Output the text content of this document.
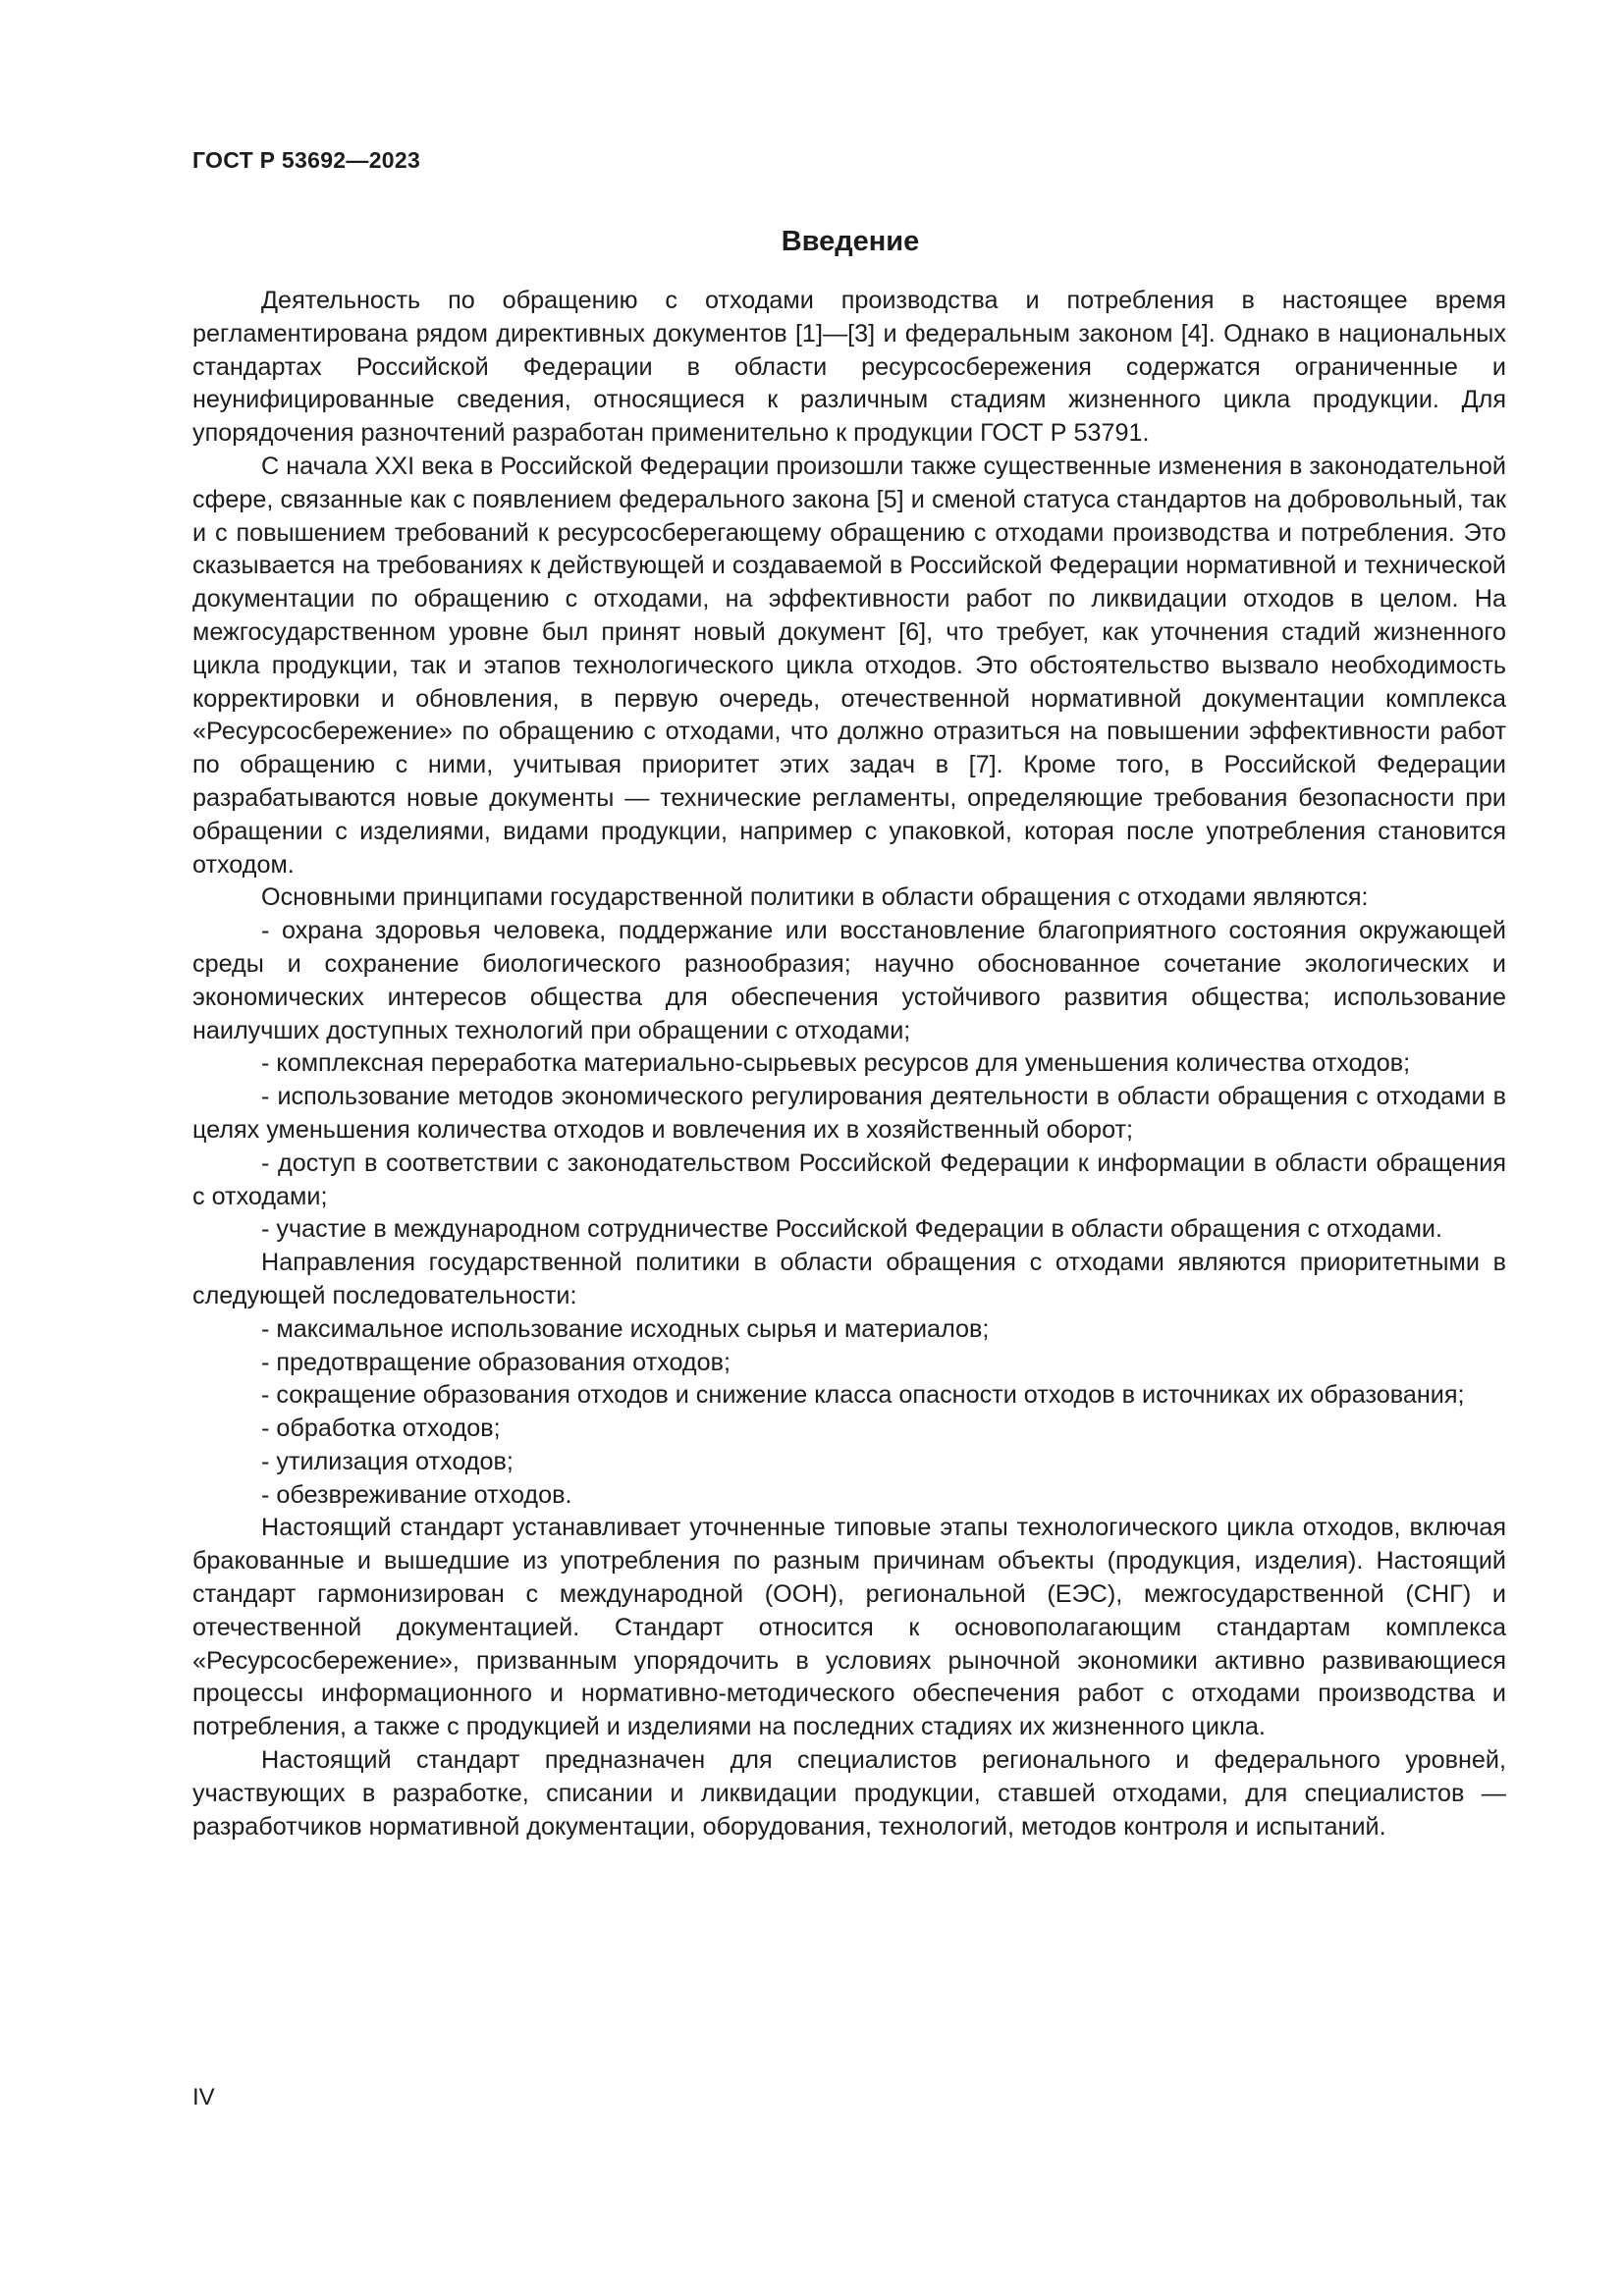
ГОСТ Р 53692—2023

Введение

Деятельность по обращению с отходами производства и потребления в настоящее время регламентирована рядом директивных документов [1]—[3] и федеральным законом [4]. Однако в национальных стандартах Российской Федерации в области ресурсосбережения содержатся ограниченные и неунифицированные сведения, относящиеся к различным стадиям жизненного цикла продукции. Для упорядочения разночтений разработан применительно к продукции ГОСТ Р 53791.

С начала XXI века в Российской Федерации произошли также существенные изменения в законодательной сфере, связанные как с появлением федерального закона [5] и сменой статуса стандартов на добровольный, так и с повышением требований к ресурсосберегающему обращению с отходами производства и потребления. Это сказывается на требованиях к действующей и создаваемой в Российской Федерации нормативной и технической документации по обращению с отходами, на эффективности работ по ликвидации отходов в целом. На межгосударственном уровне был принят новый документ [6], что требует, как уточнения стадий жизненного цикла продукции, так и этапов технологического цикла отходов. Это обстоятельство вызвало необходимость корректировки и обновления, в первую очередь, отечественной нормативной документации комплекса «Ресурсосбережение» по обращению с отходами, что должно отразиться на повышении эффективности работ по обращению с ними, учитывая приоритет этих задач в [7]. Кроме того, в Российской Федерации разрабатываются новые документы — технические регламенты, определяющие требования безопасности при обращении с изделиями, видами продукции, например с упаковкой, которая после употребления становится отходом.

Основными принципами государственной политики в области обращения с отходами являются:

- охрана здоровья человека, поддержание или восстановление благоприятного состояния окружающей среды и сохранение биологического разнообразия; научно обоснованное сочетание экологических и экономических интересов общества для обеспечения устойчивого развития общества; использование наилучших доступных технологий при обращении с отходами;

- комплексная переработка материально-сырьевых ресурсов для уменьшения количества отходов;

- использование методов экономического регулирования деятельности в области обращения с отходами в целях уменьшения количества отходов и вовлечения их в хозяйственный оборот;

- доступ в соответствии с законодательством Российской Федерации к информации в области обращения с отходами;

- участие в международном сотрудничестве Российской Федерации в области обращения с отходами.

Направления государственной политики в области обращения с отходами являются приоритетными в следующей последовательности:

- максимальное использование исходных сырья и материалов;

- предотвращение образования отходов;

- сокращение образования отходов и снижение класса опасности отходов в источниках их образования;

- обработка отходов;

- утилизация отходов;

- обезвреживание отходов.

Настоящий стандарт устанавливает уточненные типовые этапы технологического цикла отходов, включая бракованные и вышедшие из употребления по разным причинам объекты (продукция, изделия). Настоящий стандарт гармонизирован с международной (ООН), региональной (ЕЭС), межгосударственной (СНГ) и отечественной документацией. Стандарт относится к основополагающим стандартам комплекса «Ресурсосбережение», призванным упорядочить в условиях рыночной экономики активно развивающиеся процессы информационного и нормативно-методического обеспечения работ с отходами производства и потребления, а также с продукцией и изделиями на последних стадиях их жизненного цикла.

Настоящий стандарт предназначен для специалистов регионального и федерального уровней, участвующих в разработке, списании и ликвидации продукции, ставшей отходами, для специалистов — разработчиков нормативной документации, оборудования, технологий, методов контроля и испытаний.

IV
